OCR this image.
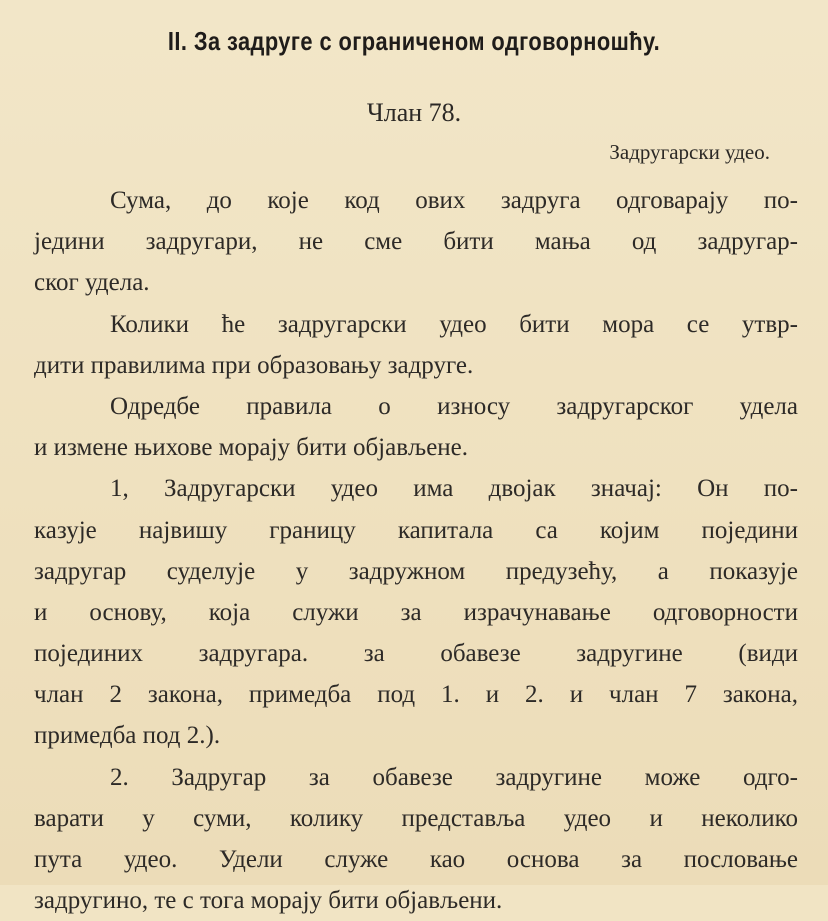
II. За задруге с ограниченом одговорношћу.
Члан 78.
Задругарски удео.
Сума, до које код ових задруга одговарају по-
једини задругари, не сме бити мања од задругар-
ског удела.
Колики ће задругарски удео бити мора се утвр-
дити правилима при образовању задруге.
Одредбе правила о износу задругарског удела
и измене њихове морају бити објављене.
1, Задругарски удео има двојак значај: Он по-
казује највишу границу капитала са којим поједини
задругар суделује у задружном предузећу, а показује
и основу, која служи за израчунавање одговорности
појединих задругара. за обавезе задругине (види
члан 2 закона, примедба под 1. и 2. и члан 7 закона,
примедба под 2.).
2. Задругар за обавезе задругине може одго-
варати у суми, колику представља удео и неколико
пута удео. Удели служе као основа за пословање
задругино, те с тога морају бити објављени.
